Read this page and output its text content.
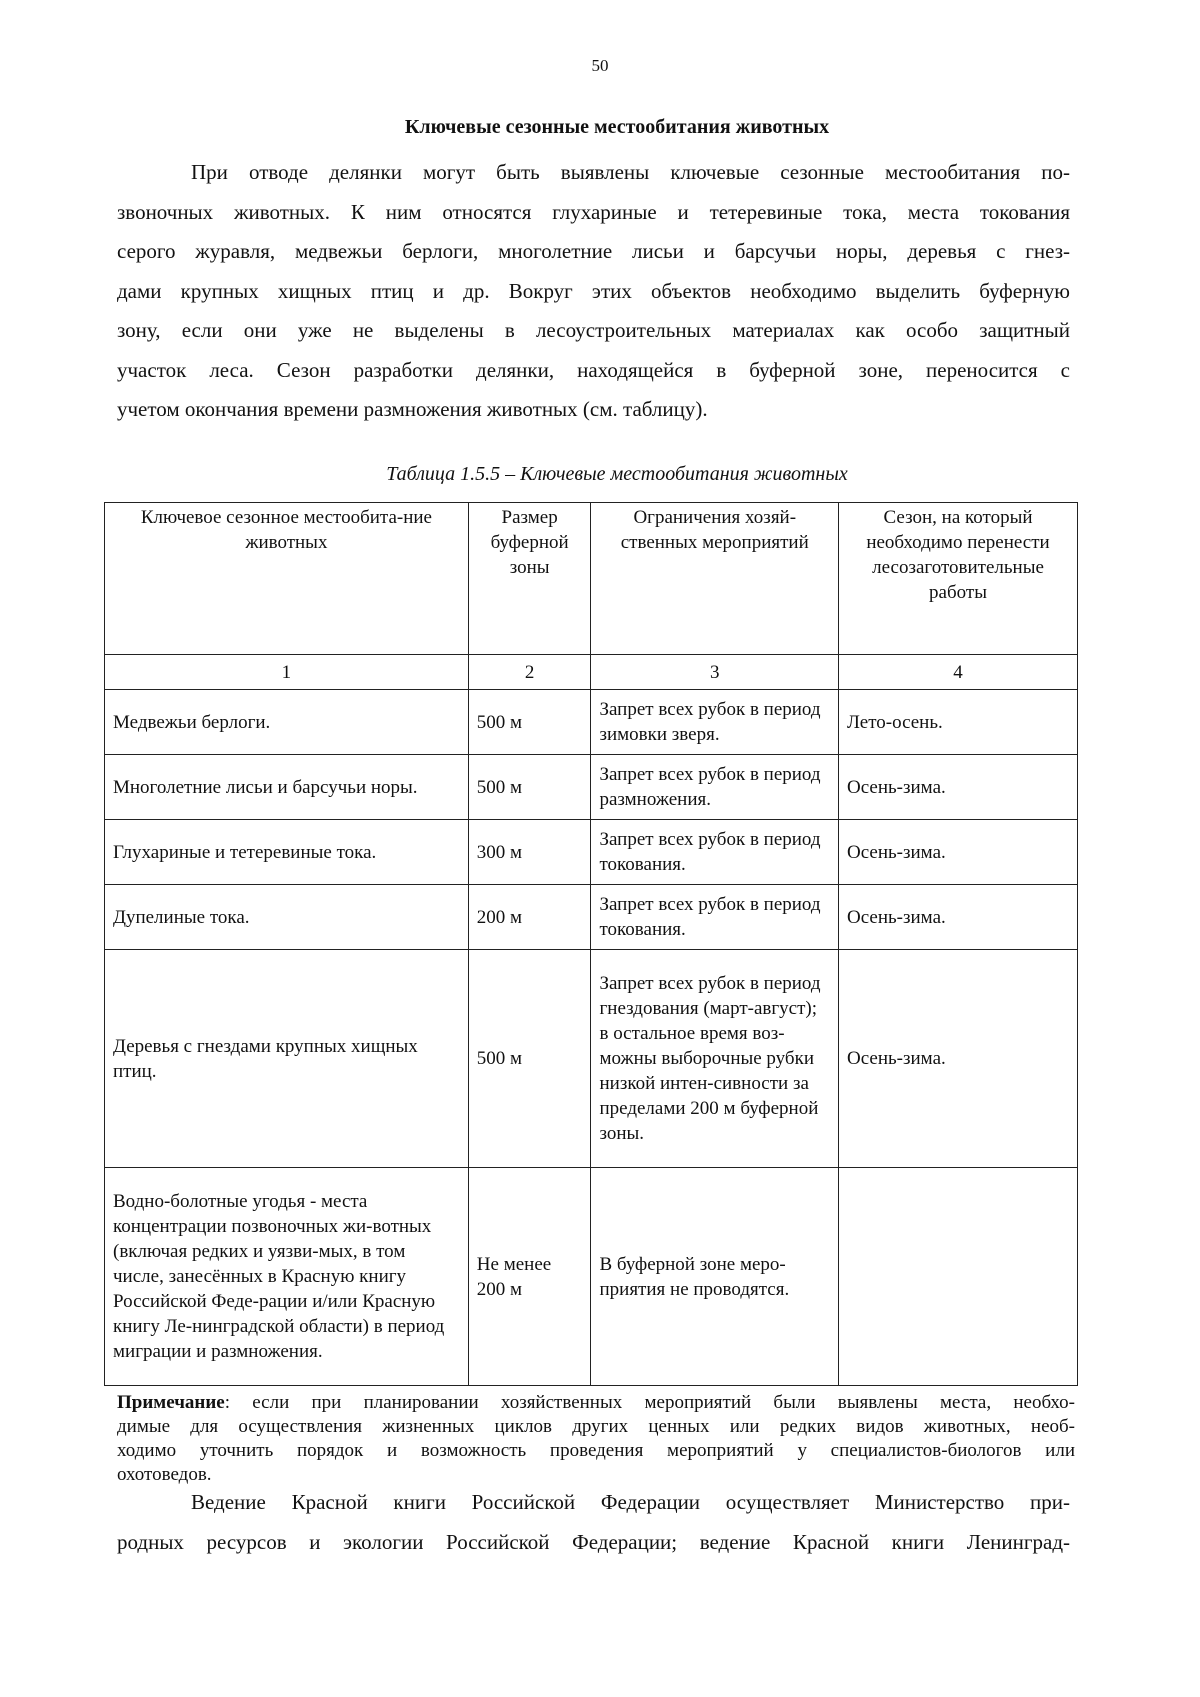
50
Ключевые сезонные местообитания животных
При отводе делянки могут быть выявлены ключевые сезонные местообитания по-
звоночных животных. К ним относятся глухариные и тетеревиные тока, места токования
серого журавля, медвежьи берлоги, многолетние лисьи и барсучьи норы, деревья с гнез-
дами крупных хищных птиц и др. Вокруг этих объектов необходимо выделить буферную
зону, если они уже не выделены в лесоустроительных материалах как особо защитный
участок леса. Сезон разработки делянки, находящейся в буферной зоне, переносится с
учетом окончания времени размножения животных (см. таблицу).
Таблица 1.5.5 – Ключевые местообитания животных
Ключевое сезонное местообита-ние животных	Размер буферной зоны	Ограничения хозяй-ственных мероприятий	Сезон, на который необходимо перенести лесозаготовительные работы
1	2	3	4
Медвежьи берлоги.	500 м	Запрет всех рубок в период зимовки зверя.	Лето-осень.
Многолетние лисьи и барсучьи норы.	500 м	Запрет всех рубок в период размножения.	Осень-зима.
Глухариные и тетеревиные тока.	300 м	Запрет всех рубок в период токования.	Осень-зима.
Дупелиные тока.	200 м	Запрет всех рубок в период токования.	Осень-зима.
Деревья с гнездами крупных хищных птиц.	500 м	Запрет всех рубок в период гнездования (март-август); в остальное время воз-можны выборочные рубки низкой интен-сивности за пределами 200 м буферной зоны.	Осень-зима.
Водно-болотные угодья - места концентрации позвоночных жи-вотных (включая редких и уязви-мых, в том числе, занесённых в Красную книгу Российской Феде-рации и/или Красную книгу Ле-нинградской области) в период миграции и размножения.	Не менее 200 м	В буферной зоне меро-приятия не проводятся.	
Примечание: если при планировании хозяйственных мероприятий были выявлены места, необхо-
димые для осуществления жизненных циклов других ценных или редких видов животных, необ-
ходимо уточнить порядок и возможность проведения мероприятий у специалистов-биологов или
охотоведов.
Ведение Красной книги Российской Федерации осуществляет Министерство при-
родных ресурсов и экологии Российской Федерации; ведение Красной книги Ленинград-
